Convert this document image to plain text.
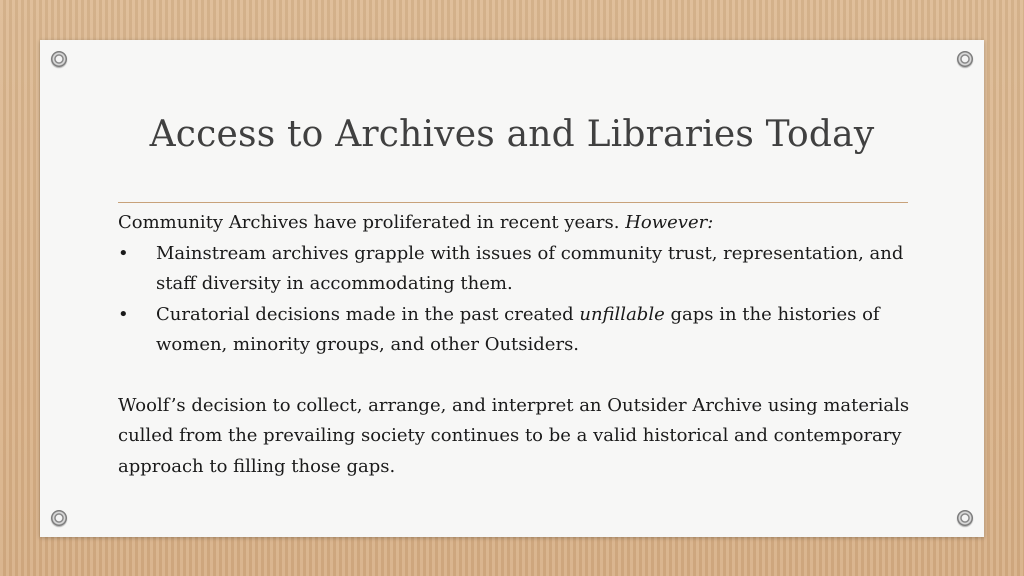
Access to Archives and Libraries Today

Community Archives have proliferated in recent years. However:

• Mainstream archives grapple with issues of community trust, representation, and staff diversity in accommodating them.
• Curatorial decisions made in the past created unfillable gaps in the histories of women, minority groups, and other Outsiders.

Woolf’s decision to collect, arrange, and interpret an Outsider Archive using materials culled from the prevailing society continues to be a valid historical and contemporary approach to filling those gaps.
